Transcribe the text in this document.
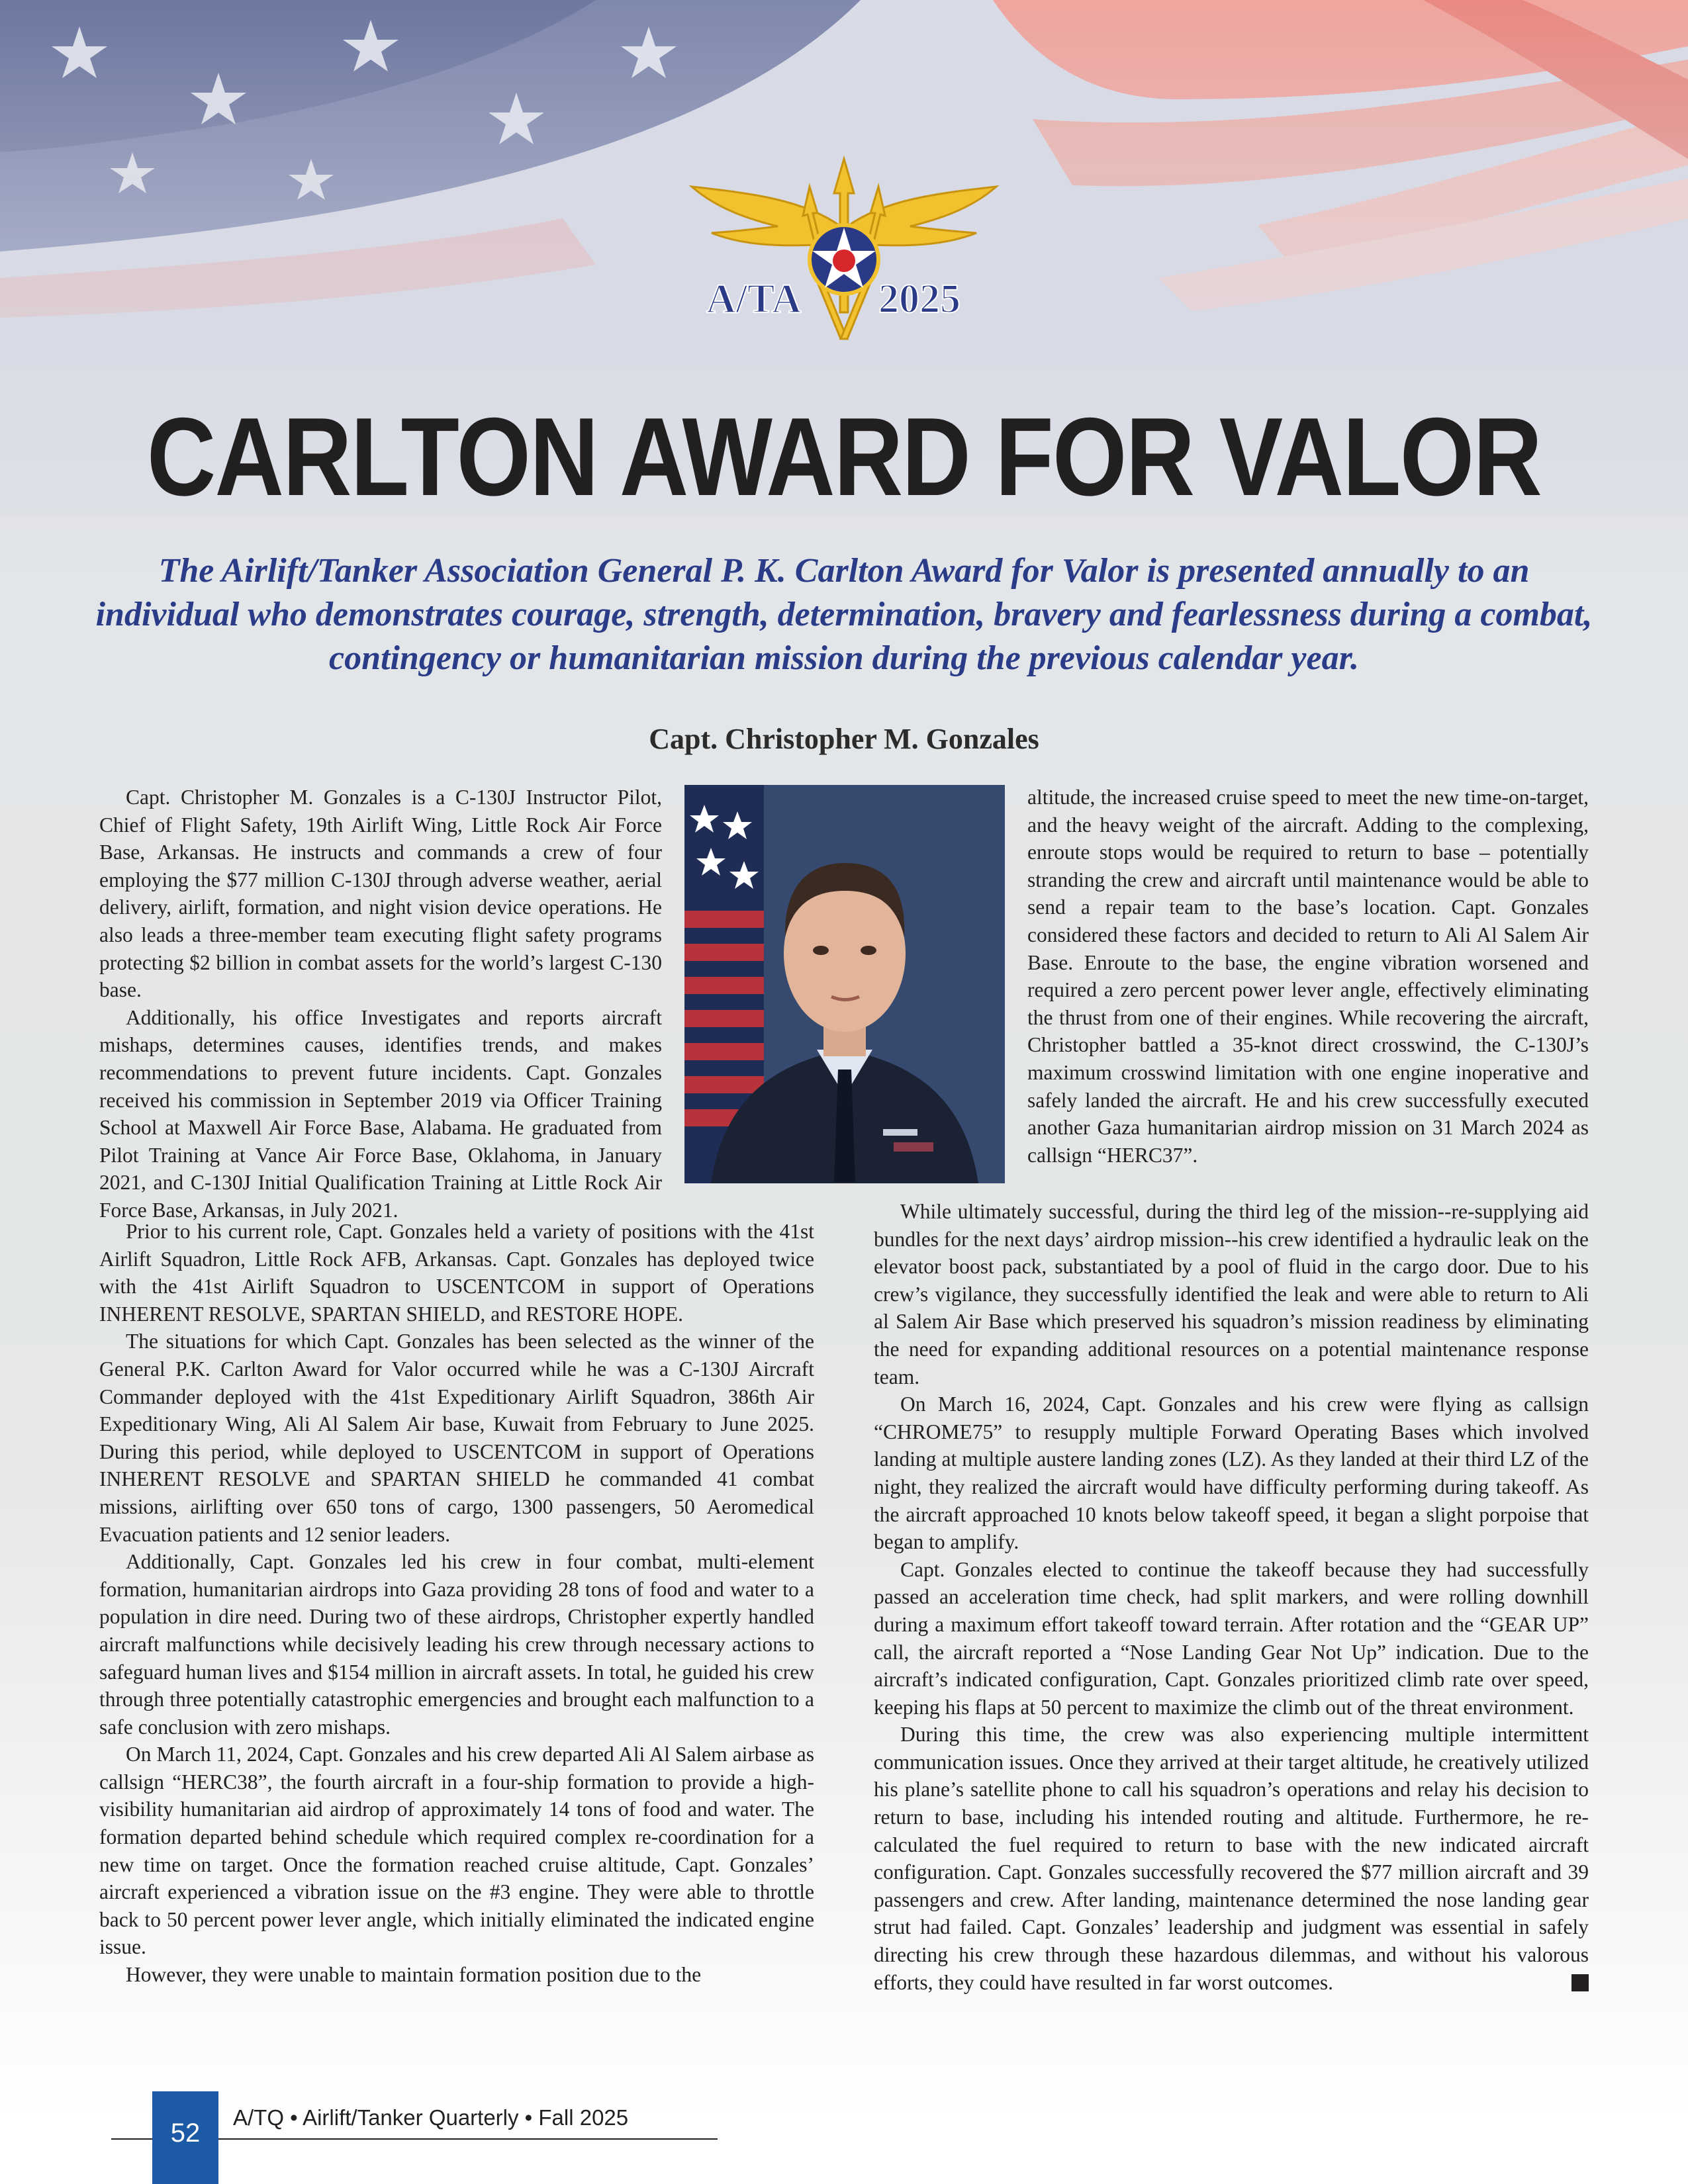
A/TA 2025
CARLTON AWARD FOR VALOR
The Airlift/Tanker Association General P. K. Carlton Award for Valor is presented annually to an individual who demonstrates courage, strength, determination, bravery and fearlessness during a combat, contingency or humanitarian mission during the previous calendar year.
Capt. Christopher M. Gonzales

Capt. Christopher M. Gonzales is a C-130J Instructor Pilot, Chief of Flight Safety, 19th Airlift Wing, Little Rock Air Force Base, Arkansas. He instructs and commands a crew of four employing the $77 million C-130J through adverse weather, aerial delivery, airlift, formation, and night vision device operations. He also leads a three-member team executing flight safety programs protecting $2 billion in combat assets for the world’s largest C-130 base.

Additionally, his office Investigates and reports aircraft mishaps, determines causes, identifies trends, and makes recommendations to prevent future incidents. Capt. Gonzales received his commission in September 2019 via Officer Training School at Maxwell Air Force Base, Alabama. He graduated from Pilot Training at Vance Air Force Base, Oklahoma, in January 2021, and C-130J Initial Qualification Training at Little Rock Air Force Base, Arkansas, in July 2021.

altitude, the increased cruise speed to meet the new time-on-target, and the heavy weight of the aircraft. Adding to the complexing, enroute stops would be required to return to base – potentially stranding the crew and aircraft until maintenance would be able to send a repair team to the base’s location. Capt. Gonzales considered these factors and decided to return to Ali Al Salem Air Base. Enroute to the base, the engine vibration worsened and required a zero percent power lever angle, effectively eliminating the thrust from one of their engines. While recovering the aircraft, Christopher battled a 35-knot direct crosswind, the C-130J’s maximum crosswind limitation with one engine inoperative and safely landed the aircraft. He and his crew successfully executed another Gaza humanitarian airdrop mission on 31 March 2024 as callsign “HERC37”.

Prior to his current role, Capt. Gonzales held a variety of positions with the 41st Airlift Squadron, Little Rock AFB, Arkansas. Capt. Gonzales has deployed twice with the 41st Airlift Squadron to USCENTCOM in support of Operations INHERENT RESOLVE, SPARTAN SHIELD, and RESTORE HOPE.

The situations for which Capt. Gonzales has been selected as the winner of the General P.K. Carlton Award for Valor occurred while he was a C-130J Aircraft Commander deployed with the 41st Expeditionary Airlift Squadron, 386th Air Expeditionary Wing, Ali Al Salem Air base, Kuwait from February to June 2025. During this period, while deployed to USCENTCOM in support of Operations INHERENT RESOLVE and SPARTAN SHIELD he commanded 41 combat missions, airlifting over 650 tons of cargo, 1300 passengers, 50 Aeromedical Evacuation patients and 12 senior leaders.

Additionally, Capt. Gonzales led his crew in four combat, multi-element formation, humanitarian airdrops into Gaza providing 28 tons of food and water to a population in dire need. During two of these airdrops, Christopher expertly handled aircraft malfunctions while decisively leading his crew through necessary actions to safeguard human lives and $154 million in aircraft assets. In total, he guided his crew through three potentially catastrophic emergencies and brought each malfunction to a safe conclusion with zero mishaps.

On March 11, 2024, Capt. Gonzales and his crew departed Ali Al Salem airbase as callsign “HERC38”, the fourth aircraft in a four-ship formation to provide a high-visibility humanitarian aid airdrop of approximately 14 tons of food and water. The formation departed behind schedule which required complex re-coordination for a new time on target. Once the formation reached cruise altitude, Capt. Gonzales’ aircraft experienced a vibration issue on the #3 engine. They were able to throttle back to 50 percent power lever angle, which initially eliminated the indicated engine issue.

However, they were unable to maintain formation position due to the

While ultimately successful, during the third leg of the mission--re-supplying aid bundles for the next days’ airdrop mission--his crew identified a hydraulic leak on the elevator boost pack, substantiated by a pool of fluid in the cargo door. Due to his crew’s vigilance, they successfully identified the leak and were able to return to Ali al Salem Air Base which preserved his squadron’s mission readiness by eliminating the need for expanding additional resources on a potential maintenance response team.

On March 16, 2024, Capt. Gonzales and his crew were flying as callsign “CHROME75” to resupply multiple Forward Operating Bases which involved landing at multiple austere landing zones (LZ). As they landed at their third LZ of the night, they realized the aircraft would have difficulty performing during takeoff. As the aircraft approached 10 knots below takeoff speed, it began a slight porpoise that began to amplify.

Capt. Gonzales elected to continue the takeoff because they had successfully passed an acceleration time check, had split markers, and were rolling downhill during a maximum effort takeoff toward terrain. After rotation and the “GEAR UP” call, the aircraft reported a “Nose Landing Gear Not Up” indication. Due to the aircraft’s indicated configuration, Capt. Gonzales prioritized climb rate over speed, keeping his flaps at 50 percent to maximize the climb out of the threat environment.

During this time, the crew was also experiencing multiple intermittent communication issues. Once they arrived at their target altitude, he creatively utilized his plane’s satellite phone to call his squadron’s operations and relay his decision to return to base, including his intended routing and altitude. Furthermore, he re-calculated the fuel required to return to base with the new indicated aircraft configuration. Capt. Gonzales successfully recovered the $77 million aircraft and 39 passengers and crew. After landing, maintenance determined the nose landing gear strut had failed. Capt. Gonzales’ leadership and judgment was essential in safely directing his crew through these hazardous dilemmas, and without his valorous efforts, they could have resulted in far worst outcomes.

52
A/TQ • Airlift/Tanker Quarterly • Fall 2025
